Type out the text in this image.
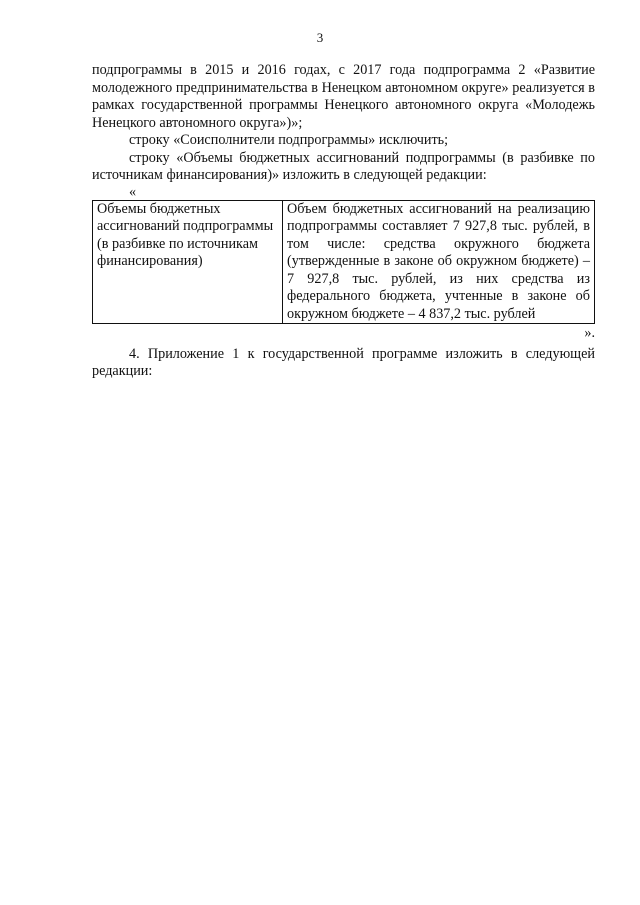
3

подпрограммы в 2015 и 2016 годах, с 2017 года подпрограмма 2 «Развитие молодежного предпринимательства в Ненецком автономном округе» реализуется в рамках государственной программы Ненецкого автономного округа «Молодежь Ненецкого автономного округа»)»;

строку «Соисполнители подпрограммы» исключить;

строку «Объемы бюджетных ассигнований подпрограммы (в разбивке по источникам финансирования)» изложить в следующей редакции:

«

Объемы бюджетных ассигнований подпрограммы (в разбивке по источникам финансирования)	Объем бюджетных ассигнований на реализацию подпрограммы составляет 7 927,8 тыс. рублей, в том числе: средства окружного бюджета (утвержденные в законе об окружном бюджете) – 7 927,8 тыс. рублей, из них средства из федерального бюджета, учтенные в законе об окружном бюджете – 4 837,2 тыс. рублей

».

4. Приложение 1 к государственной программе изложить в следующей редакции:
